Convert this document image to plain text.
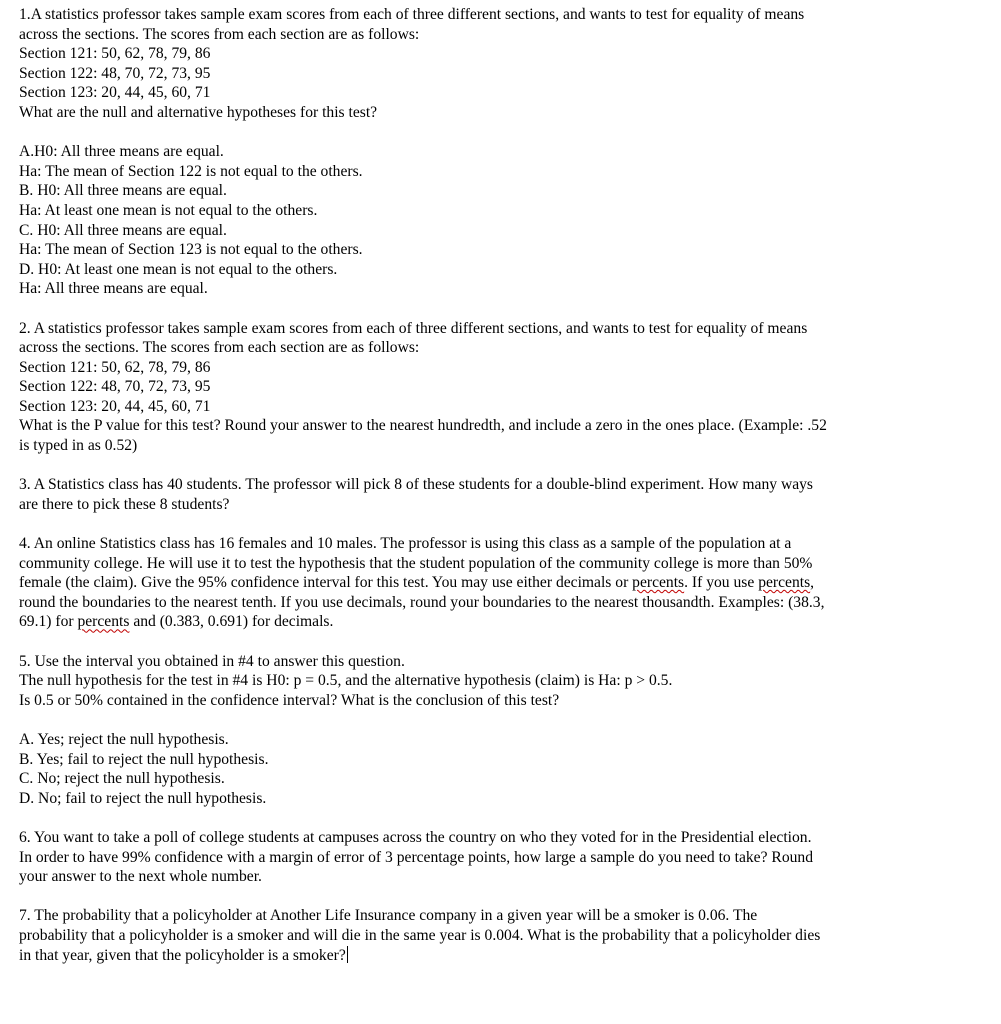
1.A statistics professor takes sample exam scores from each of three different sections, and wants to test for equality of means
across the sections. The scores from each section are as follows:
Section 121: 50, 62, 78, 79, 86
Section 122: 48, 70, 72, 73, 95
Section 123: 20, 44, 45, 60, 71
What are the null and alternative hypotheses for this test?
A.H0: All three means are equal.
Ha: The mean of Section 122 is not equal to the others.
B. H0: All three means are equal.
Ha: At least one mean is not equal to the others.
C. H0: All three means are equal.
Ha: The mean of Section 123 is not equal to the others.
D. H0: At least one mean is not equal to the others.
Ha: All three means are equal.
2. A statistics professor takes sample exam scores from each of three different sections, and wants to test for equality of means
across the sections. The scores from each section are as follows:
Section 121: 50, 62, 78, 79, 86
Section 122: 48, 70, 72, 73, 95
Section 123: 20, 44, 45, 60, 71
What is the P value for this test? Round your answer to the nearest hundredth, and include a zero in the ones place. (Example: .52
is typed in as 0.52)
3. A Statistics class has 40 students. The professor will pick 8 of these students for a double-blind experiment. How many ways
are there to pick these 8 students?
4. An online Statistics class has 16 females and 10 males. The professor is using this class as a sample of the population at a
community college. He will use it to test the hypothesis that the student population of the community college is more than 50%
female (the claim). Give the 95% confidence interval for this test. You may use either decimals or percents. If you use percents,
round the boundaries to the nearest tenth. If you use decimals, round your boundaries to the nearest thousandth. Examples: (38.3,
69.1) for percents and (0.383, 0.691) for decimals.
5. Use the interval you obtained in #4 to answer this question.
The null hypothesis for the test in #4 is H0: p = 0.5, and the alternative hypothesis (claim) is Ha: p > 0.5.
Is 0.5 or 50% contained in the confidence interval? What is the conclusion of this test?
A. Yes; reject the null hypothesis.
B. Yes; fail to reject the null hypothesis.
C. No; reject the null hypothesis.
D. No; fail to reject the null hypothesis.
6. You want to take a poll of college students at campuses across the country on who they voted for in the Presidential election.
In order to have 99% confidence with a margin of error of 3 percentage points, how large a sample do you need to take? Round
your answer to the next whole number.
7. The probability that a policyholder at Another Life Insurance company in a given year will be a smoker is 0.06. The
probability that a policyholder is a smoker and will die in the same year is 0.004. What is the probability that a policyholder dies
in that year, given that the policyholder is a smoker?
